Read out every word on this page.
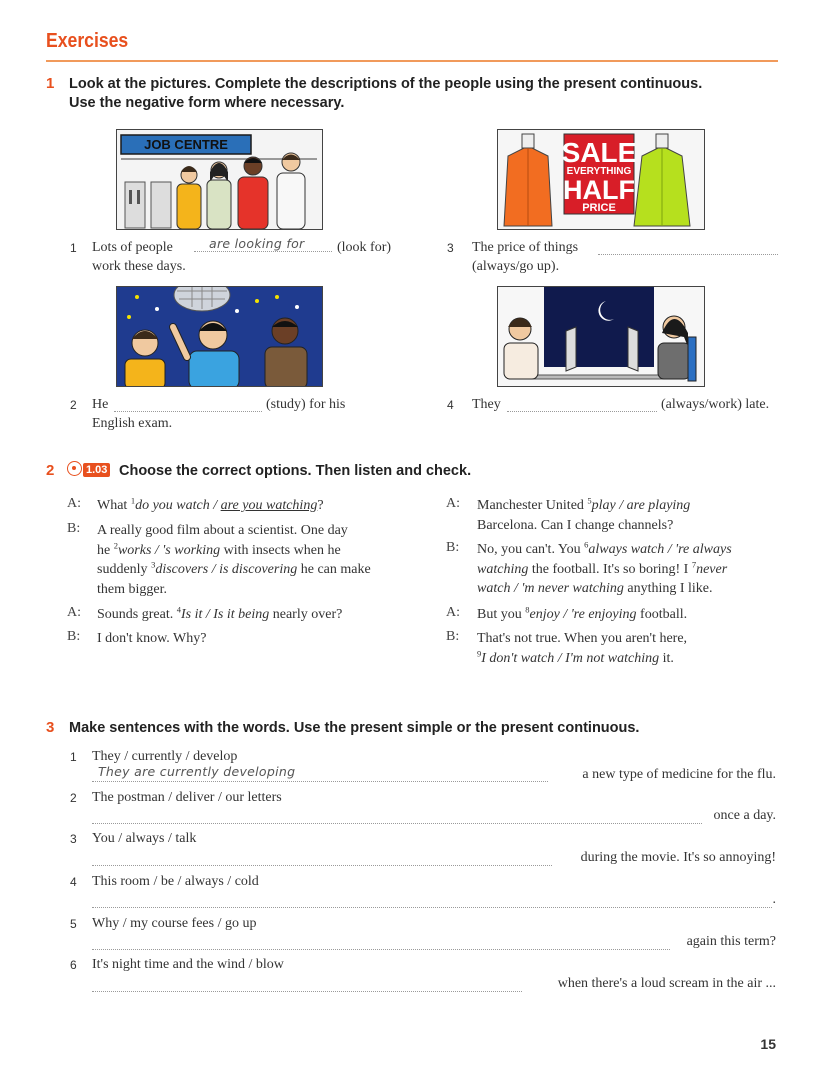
Exercises
1 Look at the pictures. Complete the descriptions of the people using the present continuous.
Use the negative form where necessary.
JOB CENTRE	SALE
EVERYTHING
HALF
PRICE
1 Lots of people	are looking for (look for)
work these days.
3 The price of things
(always/go up).
2 He	(study) for his
English exam.
4 They	(always/work) late.
2	1.03 Choose the correct options. Then listen and check.
A: What $^1$do you watch / are you watching?
B: A really good film about a scientist. One day
he $^2$works / 's working with insects when he
suddenly $^3$discovers / is discovering he can make
them bigger.
A: Sounds great. $^4$Is it / Is it being nearly over?
B: I don't know. Why?
A: Manchester United $^5$play / are playing
Barcelona. Can I change channels?
B: No, you can't. You $^6$always watch / 're always
watching the football. It's so boring! I $^7$never
watch / 'm never watching anything I like.
A: But you $^8$enjoy / 're enjoying football.
B: That's not true. When you aren't here,
$^9$I don't watch / I'm not watching it.
3 Make sentences with the words. Use the present simple or the present continuous.
1 They / currently / develop
They are currently developing	a new type of medicine for the flu.
2 The postman / deliver / our letters
once a day.
3 You / always / talk
during the movie. It's so annoying!
4 This room / be / always / cold
.
5 Why / my course fees / go up
again this term?
6 It's night time and the wind / blow
when there's a loud scream in the air ...
15
